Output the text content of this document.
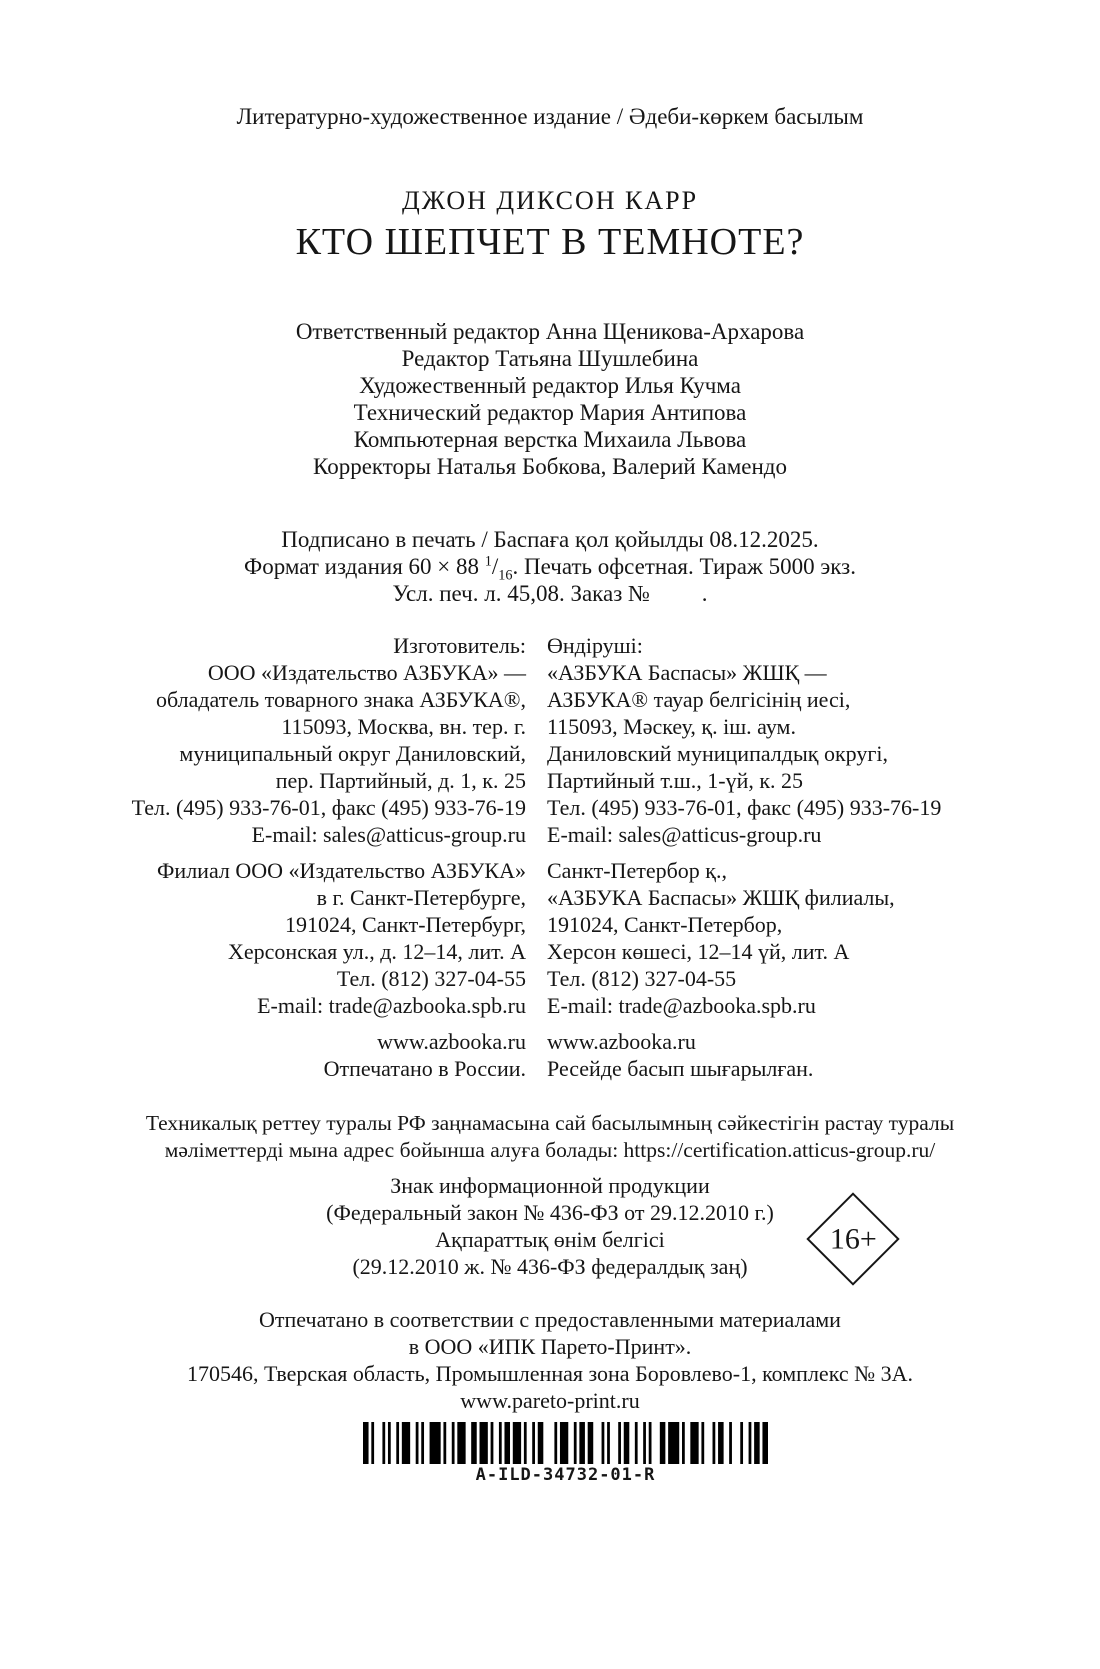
Литературно-художественное издание / Әдеби-көркем басылым
ДЖОН ДИКСОН КАРР
КТО ШЕПЧЕТ В ТЕМНОТЕ?
Ответственный редактор Анна Щеникова-Архарова
Редактор Татьяна Шушлебина
Художественный редактор Илья Кучма
Технический редактор Мария Антипова
Компьютерная верстка Михаила Львова
Корректоры Наталья Бобкова, Валерий Камендо
Подписано в печать / Баспаға қол қойылды 08.12.2025.
Формат издания 60 × 88 $^1/_{16}$. Печать офсетная. Тираж 5000 экз.
Усл. печ. л. 45,08. Заказ №         .
Изготовитель:
ООО «Издательство АЗБУКА» —
обладатель товарного знака АЗБУКА®,
115093, Москва, вн. тер. г.
муниципальный округ Даниловский,
пер. Партийный, д. 1, к. 25
Тел. (495) 933-76-01, факс (495) 933-76-19
E-mail: sales@atticus-group.ru
Филиал ООО «Издательство АЗБУКА»
в г. Санкт-Петербурге,
191024, Санкт-Петербург,
Херсонская ул., д. 12–14, лит. А
Тел. (812) 327-04-55
E-mail: trade@azbooka.spb.ru
www.azbooka.ru
Отпечатано в России.
Өндіруші:
«АЗБУКА Баспасы» ЖШҚ —
АЗБУКА® тауар белгісінің иесі,
115093, Мәскеу, қ. іш. аум.
Даниловский муниципалдық округі,
Партийный т.ш., 1-үй, к. 25
Тел. (495) 933-76-01, факс (495) 933-76-19
E-mail: sales@atticus-group.ru
Санкт-Петербор қ.,
«АЗБУКА Баспасы» ЖШҚ филиалы,
191024, Санкт-Петербор,
Херсон көшесі, 12–14 үй, лит. А
Тел. (812) 327-04-55
E-mail: trade@azbooka.spb.ru
www.azbooka.ru
Ресейде басып шығарылған.
Техникалық реттеу туралы РФ заңнамасына сай басылымның сәйкестігін растау туралы
мәліметтерді мына адрес бойынша алуға болады: https://certification.atticus-group.ru/
Знак информационной продукции
(Федеральный закон № 436-ФЗ от 29.12.2010 г.)
Ақпараттық өнім белгісі
(29.12.2010 ж. № 436-ФЗ федералдық заң)
16+
Отпечатано в соответствии с предоставленными материалами
в ООО «ИПК Парето-Принт».
170546, Тверская область, Промышленная зона Боровлево-1, комплекс № 3А.
www.pareto-print.ru
A-ILD-34732-01-R
